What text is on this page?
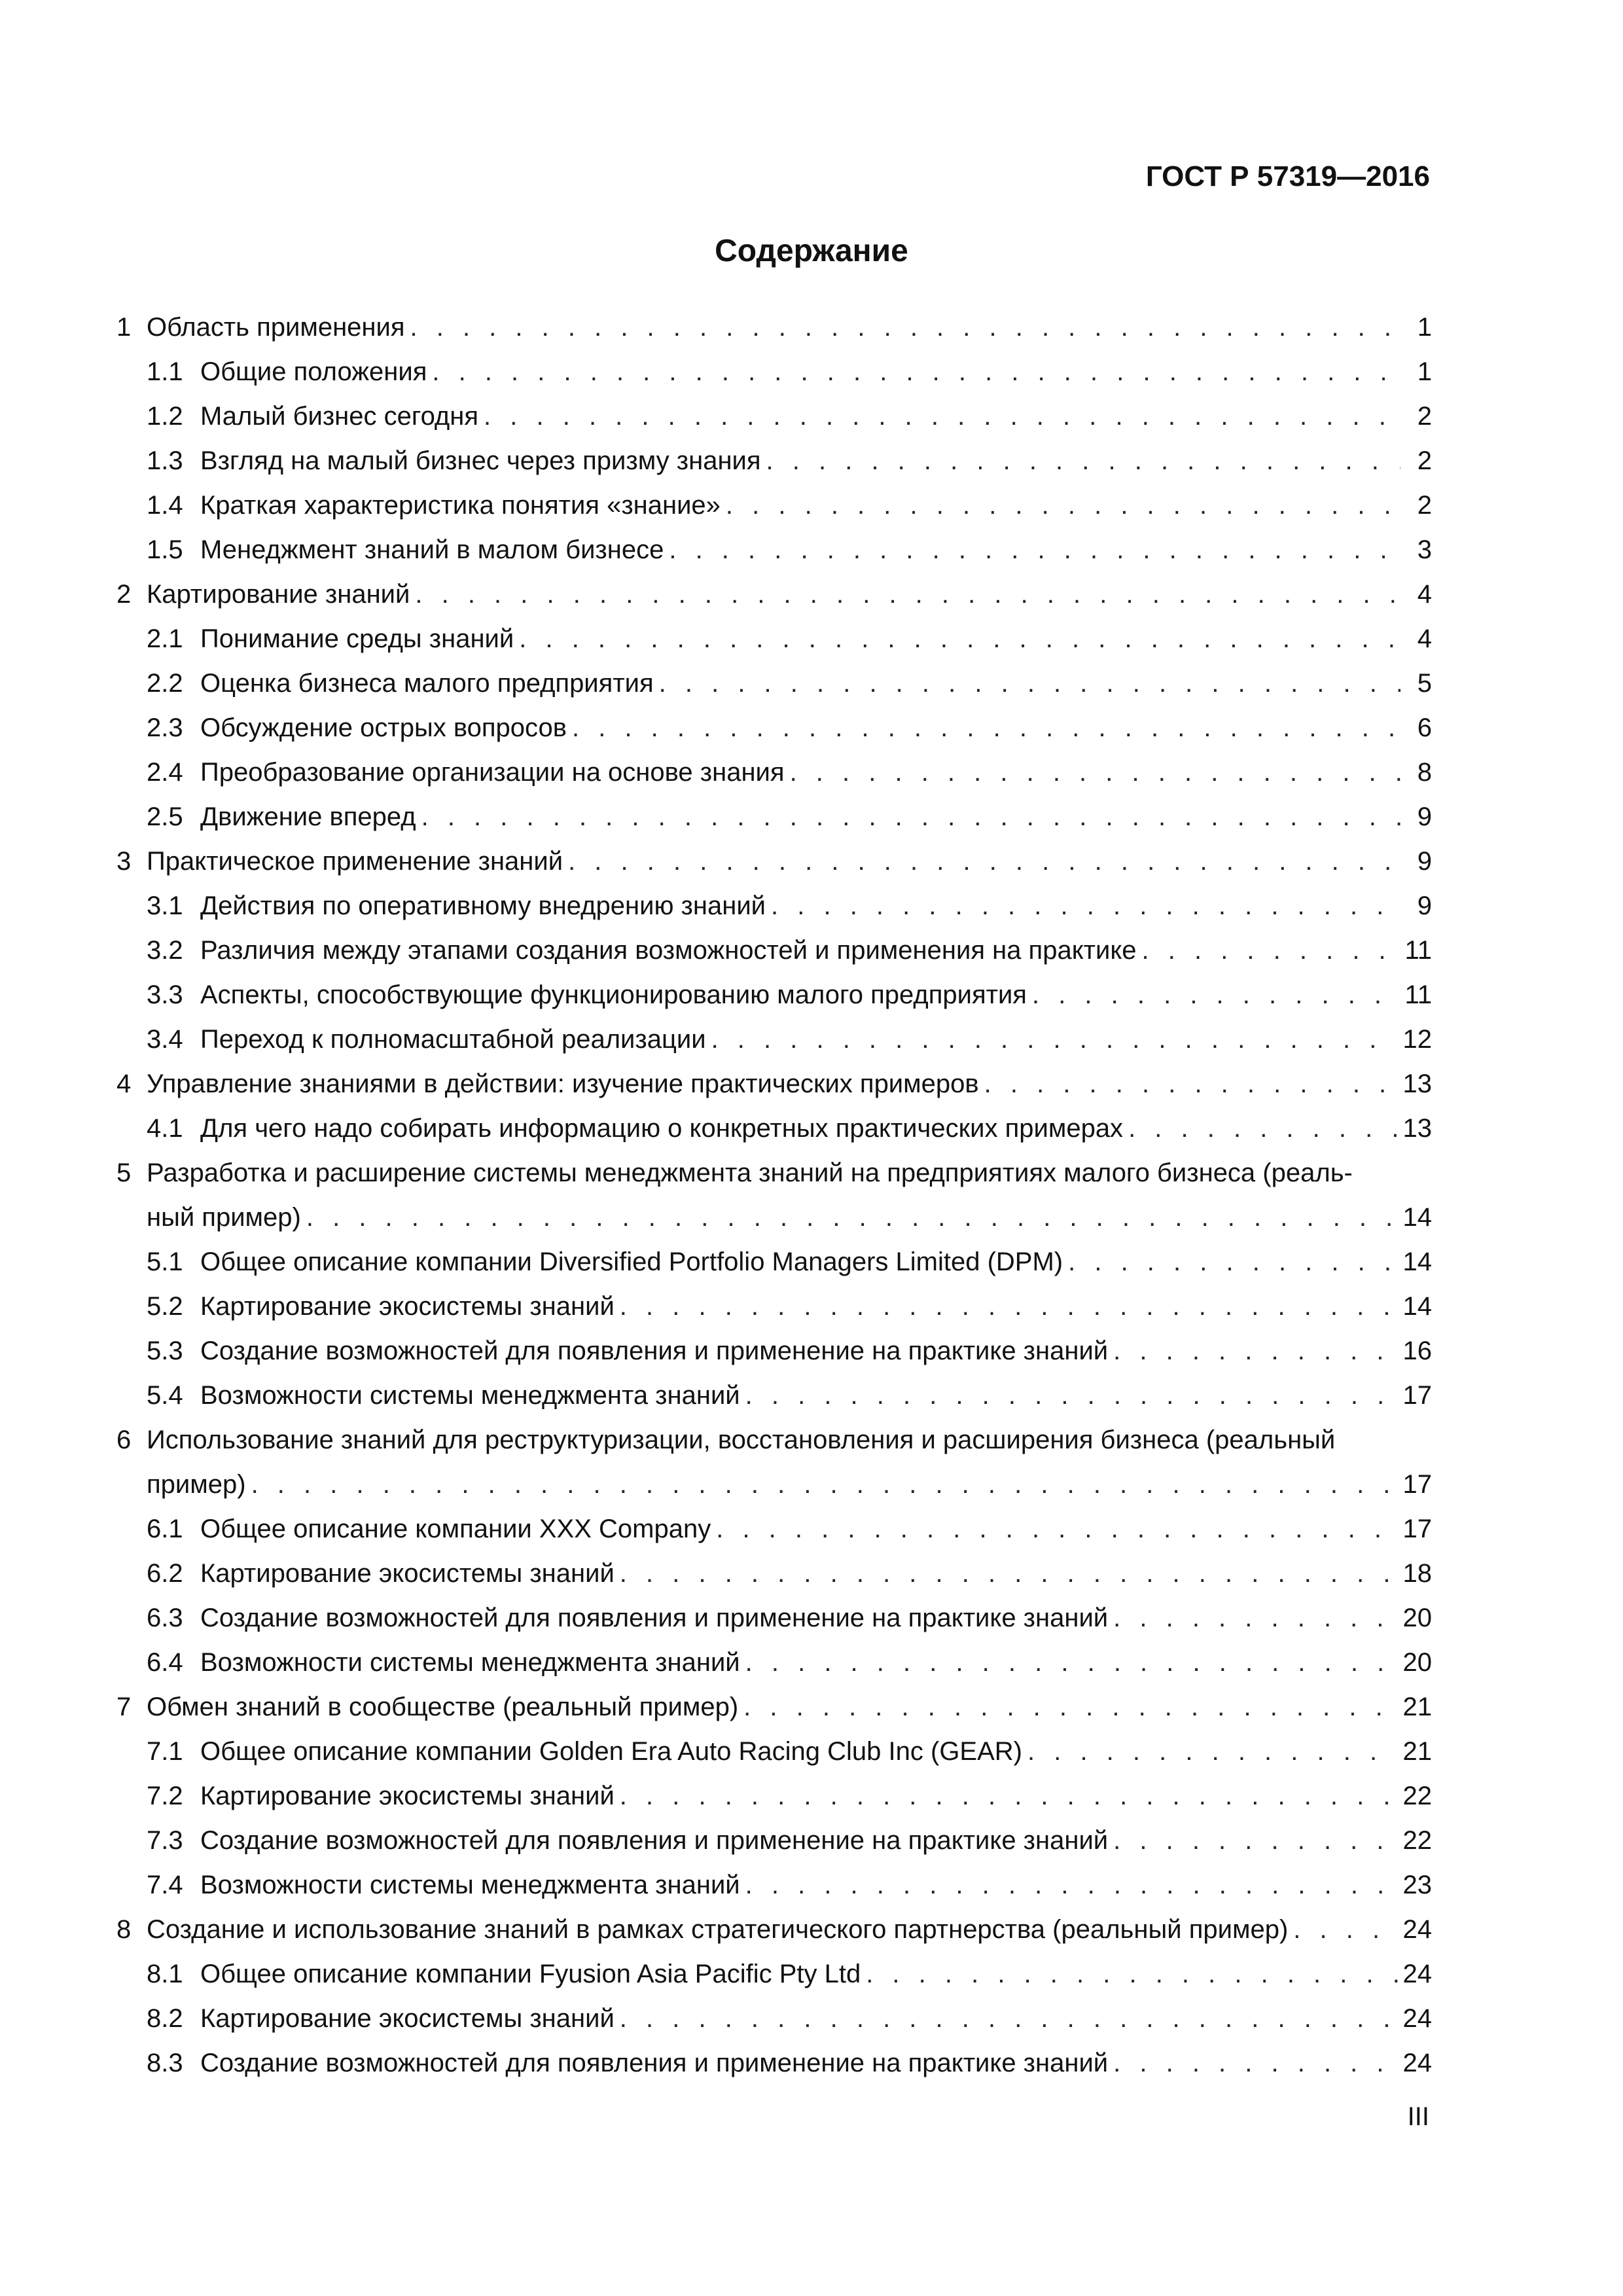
ГОСТ Р 57319—2016
Содержание
1 Область применения . . .	1
1.1 Общие положения . . .	1
1.2 Малый бизнес сегодня . . .	2
1.3 Взгляд на малый бизнес через призму знания . . .	2
1.4 Краткая характеристика понятия «знание» . . .	2
1.5 Менеджмент знаний в малом бизнесе . . .	3
2 Картирование знаний . . .	4
2.1 Понимание среды знаний . . .	4
2.2 Оценка бизнеса малого предприятия . . .	5
2.3 Обсуждение острых вопросов . . .	6
2.4 Преобразование организации на основе знания . . .	8
2.5 Движение вперед . . .	9
3 Практическое применение знаний . . .	9
3.1 Действия по оперативному внедрению знаний . . .	9
3.2 Различия между этапами создания возможностей и применения на практике . . .	11
3.3 Аспекты, способствующие функционированию малого предприятия . . .	11
3.4 Переход к полномасштабной реализации . . .	12
4 Управление знаниями в действии: изучение практических примеров . . .	13
4.1 Для чего надо собирать информацию о конкретных практических примерах . . .	13
5 Разработка и расширение системы менеджмента знаний на предприятиях малого бизнеса (реаль-
ный пример) . . .	14
5.1 Общее описание компании Diversified Portfolio Managers Limited (DPM) . . .	14
5.2 Картирование экосистемы знаний . . .	14
5.3 Создание возможностей для появления и применение на практике знаний . . .	16
5.4 Возможности системы менеджмента знаний . . .	17
6 Использование знаний для реструктуризации, восстановления и расширения бизнеса (реальный
пример) . . .	17
6.1 Общее описание компании XXX Company . . .	17
6.2 Картирование экосистемы знаний . . .	18
6.3 Создание возможностей для появления и применение на практике знаний . . .	20
6.4 Возможности системы менеджмента знаний . . .	20
7 Обмен знаний в сообществе (реальный пример) . . .	21
7.1 Общее описание компании Golden Era Auto Racing Club Inc (GEAR) . . .	21
7.2 Картирование экосистемы знаний . . .	22
7.3 Создание возможностей для появления и применение на практике знаний . . .	22
7.4 Возможности системы менеджмента знаний . . .	23
8 Создание и использование знаний в рамках стратегического партнерства (реальный пример) . . .	24
8.1 Общее описание компании Fyusion Asia Pacific Pty Ltd . . .	24
8.2 Картирование экосистемы знаний . . .	24
8.3 Создание возможностей для появления и применение на практике знаний . . .	24
III
